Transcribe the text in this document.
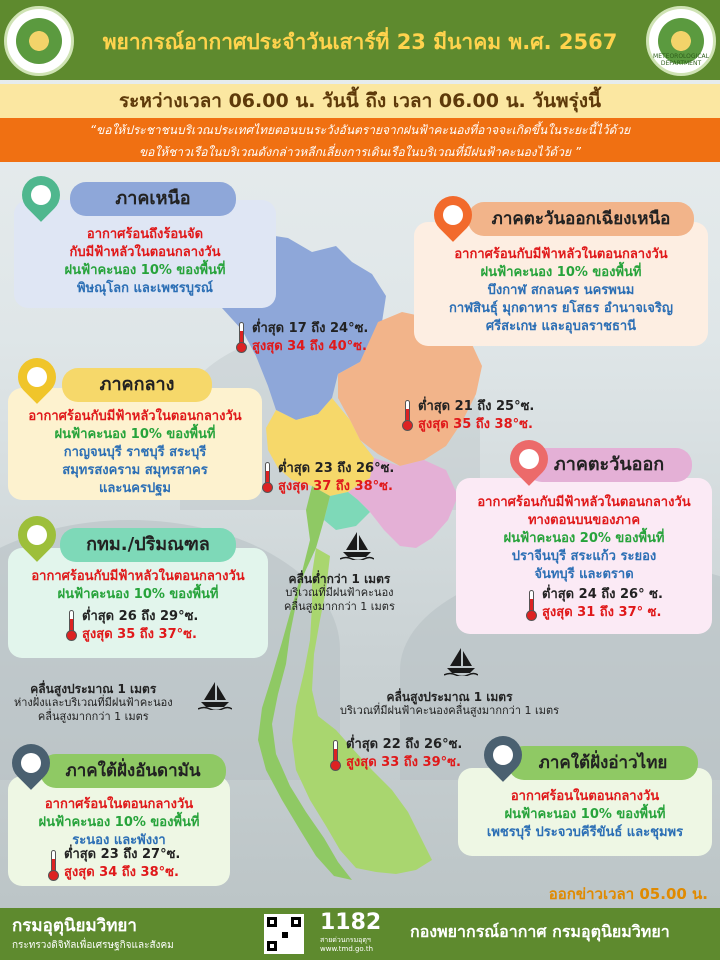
พยากรณ์อากาศประจำวันเสาร์ที่ 23 มีนาคม พ.ศ. 2567
METEOROLOGICAL DEPARTMENT
ระหว่างเวลา 06.00 น. วันนี้ ถึง เวลา 06.00 น. วันพรุ่งนี้
“ขอให้ประชาชนบริเวณประเทศไทยตอนบนระวังอันตรายจากฝนฟ้าคะนองที่อาจจะเกิดขึ้นในระยะนี้ไว้ด้วย
ขอให้ชาวเรือในบริเวณดังกล่าวหลีกเลี่ยงการเดินเรือในบริเวณที่มีฝนฟ้าคะนองไว้ด้วย ”
อากาศร้อนถึงร้อนจัด
กับมีฟ้าหลัวในตอนกลางวัน
ฝนฟ้าคะนอง 10% ของพื้นที่
พิษณุโลก และเพชรบูรณ์
ภาคเหนือ
ต่ำสุด 17 ถึง 24°ซ.
สูงสุด 34 ถึง 40°ซ.
อากาศร้อนกับมีฟ้าหลัวในตอนกลางวัน
ฝนฟ้าคะนอง 10% ของพื้นที่
บึงกาฬ สกลนคร นครพนม
กาฬสินธุ์ มุกดาหาร ยโสธร อำนาจเจริญ
ศรีสะเกษ และอุบลราชธานี
ภาคตะวันออกเฉียงเหนือ
ต่ำสุด 21 ถึง 25°ซ.
สูงสุด 35 ถึง 38°ซ.
อากาศร้อนกับมีฟ้าหลัวในตอนกลางวัน
ฝนฟ้าคะนอง 10% ของพื้นที่
กาญจนบุรี ราชบุรี สระบุรี
สมุทรสงคราม สมุทรสาคร
และนครปฐม
ภาคกลาง
ต่ำสุด 23 ถึง 26°ซ.
สูงสุด 37 ถึง 38°ซ.
อากาศร้อนกับมีฟ้าหลัวในตอนกลางวัน
ทางตอนบนของภาค
ฝนฟ้าคะนอง 20% ของพื้นที่
ปราจีนบุรี สระแก้ว ระยอง
จันทบุรี และตราด
ภาคตะวันออก
ต่ำสุด 24 ถึง 26° ซ.
สูงสุด 31 ถึง 37° ซ.
อากาศร้อนกับมีฟ้าหลัวในตอนกลางวัน
ฝนฟ้าคะนอง 10% ของพื้นที่
กทม./ปริมณฑล
ต่ำสุด 26 ถึง 29°ซ.
สูงสุด 35 ถึง 37°ซ.
อากาศร้อนในตอนกลางวัน
ฝนฟ้าคะนอง 10% ของพื้นที่
ระนอง และพังงา
ภาคใต้ฝั่งอันดามัน
ต่ำสุด 23 ถึง 27°ซ.
สูงสุด 34 ถึง 38°ซ.
อากาศร้อนในตอนกลางวัน
ฝนฟ้าคะนอง 10% ของพื้นที่
เพชรบุรี ประจวบคีรีขันธ์ และชุมพร
ภาคใต้ฝั่งอ่าวไทย
ต่ำสุด 22 ถึง 26°ซ.
สูงสุด 33 ถึง 39°ซ.
คลื่นต่ำกว่า 1 เมตร
บริเวณที่มีฝนฟ้าคะนอง
คลื่นสูงมากกว่า 1 เมตร
คลื่นสูงประมาณ 1 เมตร
ห่างฝั่งและบริเวณที่มีฝนฟ้าคะนอง
คลื่นสูงมากกว่า 1 เมตร
คลื่นสูงประมาณ 1 เมตร
บริเวณที่มีฝนฟ้าคะนองคลื่นสูงมากกว่า 1 เมตร
ออกข่าวเวลา 05.00 น.
กรมอุตุนิยมวิทยา
กระทรวงดิจิทัลเพื่อเศรษฐกิจและสังคม
1182
สายด่วนกรมอุตุฯ
www.tmd.go.th
กองพยากรณ์อากาศ กรมอุตุนิยมวิทยา
